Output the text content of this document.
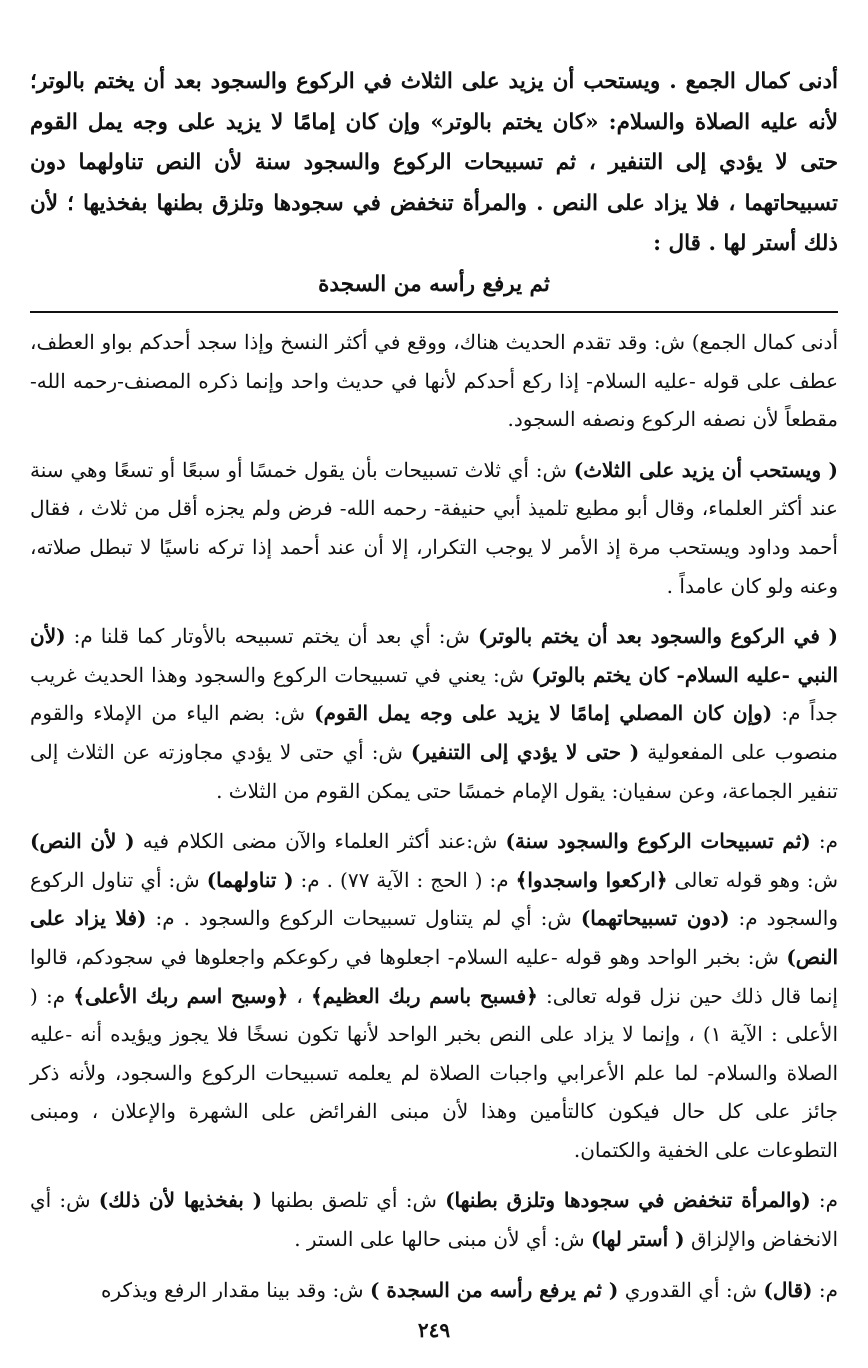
أدنى كمال الجمع . ويستحب أن يزيد على الثلاث في الركوع والسجود بعد أن يختم بالوتر؛ لأنه عليه الصلاة والسلام: «كان يختم بالوتر» وإن كان إمامًا لا يزيد على وجه يمل القوم حتى لا يؤدي إلى التنفير ، ثم تسبيحات الركوع والسجود سنة لأن النص تناولهما دون تسبيحاتهما ، فلا يزاد على النص . والمرأة تنخفض في سجودها وتلزق بطنها بفخذيها ؛ لأن ذلك أستر لها . قال :
ثم يرفع رأسه من السجدة

أدنى كمال الجمع) ش: وقد تقدم الحديث هناك، ووقع في أكثر النسخ وإذا سجد أحدكم بواو العطف، عطف على قوله -عليه السلام- إذا ركع أحدكم لأنها في حديث واحد وإنما ذكره المصنف-رحمه الله- مقطعاً لأن نصفه الركوع ونصفه السجود.

( ويستحب أن يزيد على الثلاث) ش: أي ثلاث تسبيحات بأن يقول خمسًا أو سبعًا أو تسعًا وهي سنة عند أكثر العلماء، وقال أبو مطيع تلميذ أبي حنيفة- رحمه الله- فرض ولم يجزه أقل من ثلاث ، فقال أحمد وداود ويستحب مرة إذ الأمر لا يوجب التكرار، إلا أن عند أحمد إذا تركه ناسيًا لا تبطل صلاته، وعنه ولو كان عامداً .

( في الركوع والسجود بعد أن يختم بالوتر) ش: أي بعد أن يختم تسبيحه بالأوتار كما قلنا م: (لأن النبي -عليه السلام- كان يختم بالوتر) ش: يعني في تسبيحات الركوع والسجود وهذا الحديث غريب جداً م: (وإن كان المصلي إمامًا لا يزيد على وجه يمل القوم) ش: بضم الياء من الإملاء والقوم منصوب على المفعولية ( حتى لا يؤدي إلى التنفير) ش: أي حتى لا يؤدي مجاوزته عن الثلاث إلى تنفير الجماعة، وعن سفيان: يقول الإمام خمسًا حتى يمكن القوم من الثلاث .

م: (ثم تسبيحات الركوع والسجود سنة) ش:عند أكثر العلماء والآن مضى الكلام فيه ( لأن النص) ش: وهو قوله تعالى ﴿اركعوا واسجدوا﴾ م: ( الحج : الآية ٧٧) . م: ( تناولهما) ش: أي تناول الركوع والسجود م: (دون تسبيحاتهما) ش: أي لم يتناول تسبيحات الركوع والسجود . م: (فلا يزاد على النص) ش: بخبر الواحد وهو قوله -عليه السلام- اجعلوها في ركوعكم واجعلوها في سجودكم، قالوا إنما قال ذلك حين نزل قوله تعالى: ﴿فسبح باسم ربك العظيم﴾ ، ﴿وسبح اسم ربك الأعلى﴾ م: ( الأعلى : الآية ١) ، وإنما لا يزاد على النص بخبر الواحد لأنها تكون نسخًا فلا يجوز ويؤيده أنه -عليه الصلاة والسلام- لما علم الأعرابي واجبات الصلاة لم يعلمه تسبيحات الركوع والسجود، ولأنه ذكر جائز على كل حال فيكون كالتأمين وهذا لأن مبنى الفرائض على الشهرة والإعلان ، ومبنى التطوعات على الخفية والكتمان.

م: (والمرأة تنخفض في سجودها وتلزق بطنها) ش: أي تلصق بطنها ( بفخذيها لأن ذلك) ش: أي الانخفاض والإلزاق ( أستر لها) ش: أي لأن مبنى حالها على الستر .

م: (قال) ش: أي القدوري ( ثم يرفع رأسه من السجدة ) ش: وقد بينا مقدار الرفع ويذكره

٢٤٩
